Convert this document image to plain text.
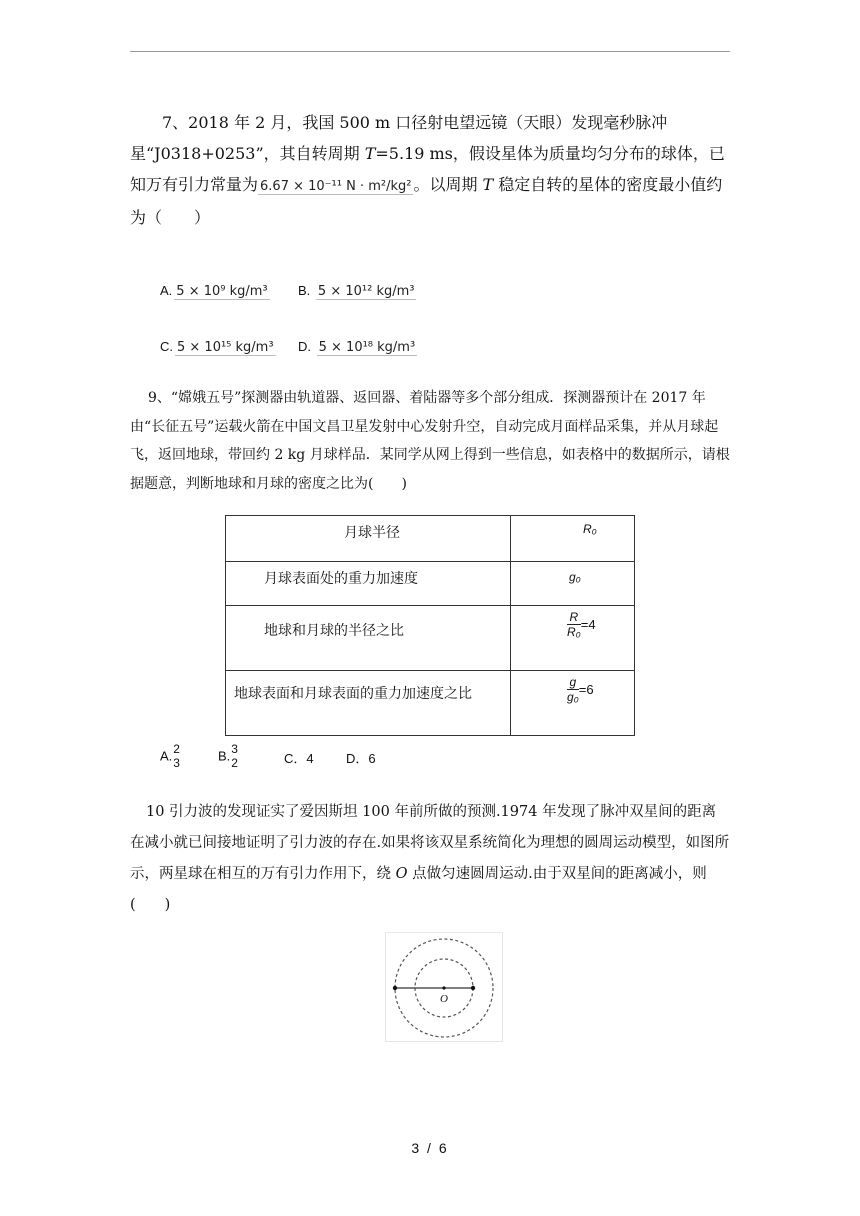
7、2018 年 2 月，我国 500 m 口径射电望远镜（天眼）发现毫秒脉冲星“J0318+0253”，其自转周期 T=5.19 ms，假设星体为质量均匀分布的球体，已知万有引力常量为 6.67 × 10⁻¹¹ N · m²/kg² 。以周期 T 稳定自转的星体的密度最小值约为（　　）
A. 5 × 10⁹ kg/m³ B. 5 × 10¹² kg/m³
C. 5 × 10¹⁵ kg/m³ D. 5 × 10¹⁸ kg/m³
9、“嫦娥五号”探测器由轨道器、返回器、着陆器等多个部分组成．探测器预计在 2017 年由“长征五号”运载火箭在中国文昌卫星发射中心发射升空，自动完成月面样品采集，并从月球起飞，返回地球，带回约 2 kg 月球样品．某同学从网上得到一些信息，如表格中的数据所示，请根据题意，判断地球和月球的密度之比为(　　)
月球半径	R₀

月球表面处的重力加速度	g₀

地球和月球的半径之比	$\frac{R}{\text{R₀}} =4$

地球表面和月球表面的重力加速度之比	$\frac{g}{\text{g₀}} =6$
A. 2
3	B. 3
2	C．4 D．6
10 引力波的发现证实了爱因斯坦 100 年前所做的预测.1974 年发现了脉冲双星间的距离在减小就已间接地证明了引力波的存在.如果将该双星系统简化为理想的圆周运动模型，如图所示，两星球在相互的万有引力作用下，绕 O 点做匀速圆周运动.由于双星间的距离减小，则(　　)
O
3 / 6
